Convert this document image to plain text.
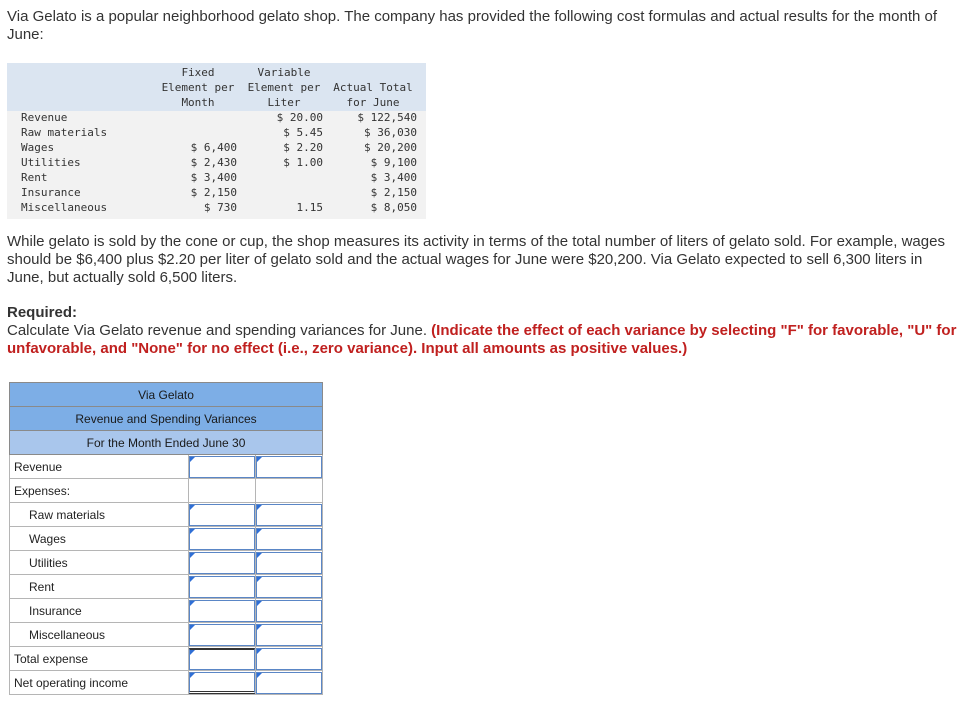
Via Gelato is a popular neighborhood gelato shop. The company has provided the following cost formulas and actual results for the month of June:

	Fixed	Variable	
	Element per	Element per	Actual Total
	Month	Liter	for June
Revenue		$ 20.00	$ 122,540
Raw materials		$ 5.45	$ 36,030
Wages	$ 6,400	$ 2.20	$ 20,200
Utilities	$ 2,430	$ 1.00	$ 9,100
Rent	$ 3,400		$ 3,400
Insurance	$ 2,150		$ 2,150
Miscellaneous	$ 730	1.15	$ 8,050

While gelato is sold by the cone or cup, the shop measures its activity in terms of the total number of liters of gelato sold. For example, wages should be $6,400 plus $2.20 per liter of gelato sold and the actual wages for June were $20,200. Via Gelato expected to sell 6,300 liters in June, but actually sold 6,500 liters.

Required:
Calculate Via Gelato revenue and spending variances for June. (Indicate the effect of each variance by selecting "F" for favorable, "U" for unfavorable, and "None" for no effect (i.e., zero variance). Input all amounts as positive values.)
Via Gelato		
Revenue and Spending Variances		
For the Month Ended June 30		
Revenue	

Expenses:		
Raw materials	

Wages	

Utilities	

Rent	

Insurance	

Miscellaneous	

Total expense	

Net operating income	
